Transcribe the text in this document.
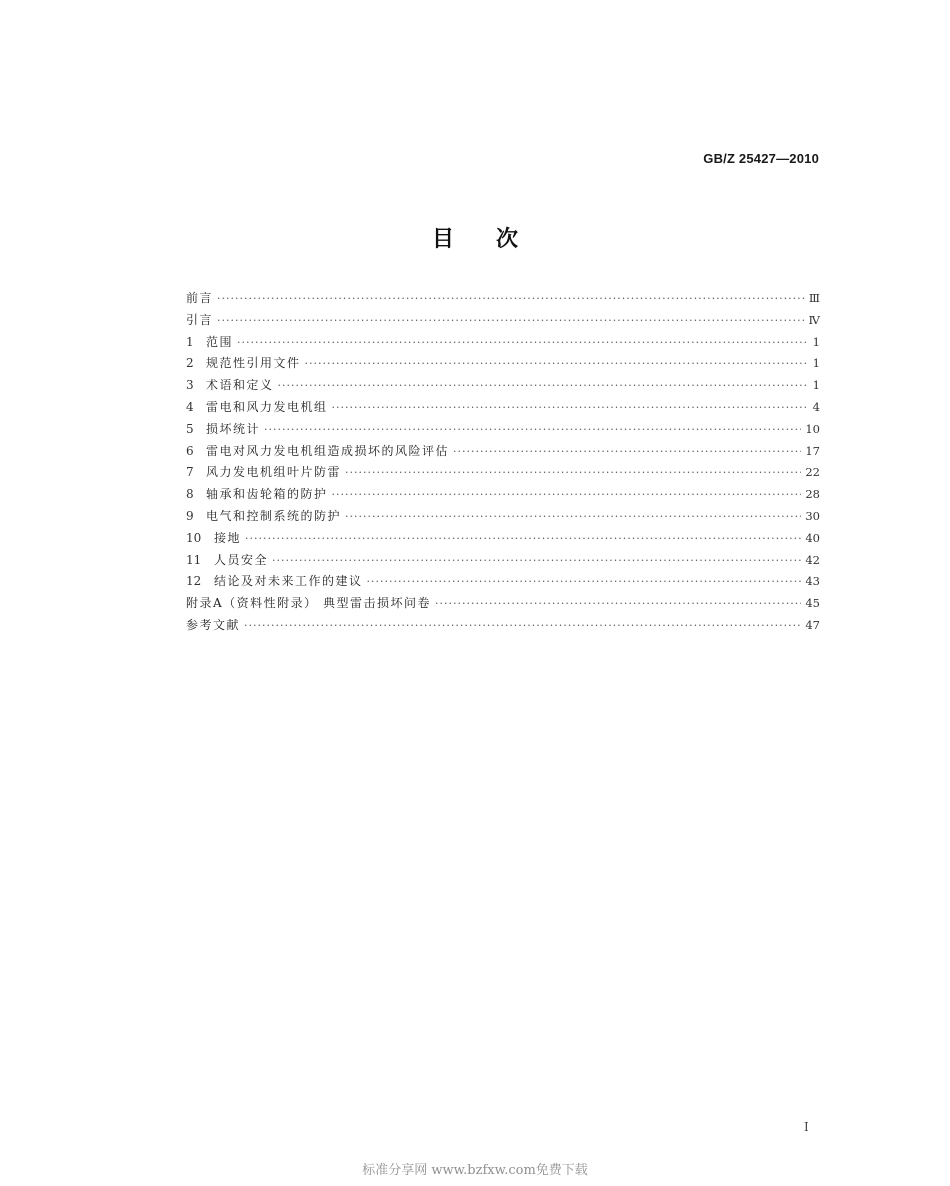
GB/Z 25427—2010
目次
前言 ·····	Ⅲ
引言 ·····	Ⅳ
1	范围 ·····	1
2	规范性引用文件 ·····	1
3	术语和定义 ·····	1
4	雷电和风力发电机组 ·····	4
5	损坏统计 ·····	10
6	雷电对风力发电机组造成损坏的风险评估 ·····	17
7	风力发电机组叶片防雷 ·····	22
8	轴承和齿轮箱的防护 ·····	28
9	电气和控制系统的防护 ·····	30
10	接地 ·····	40
11	人员安全 ·····	42
12	结论及对未来工作的建议 ·····	43
附录A（资料性附录） 典型雷击损坏问卷 ·····	45
参考文献 ·····	47
Ⅰ
标准分享网 www.bzfxw.com免费下载
